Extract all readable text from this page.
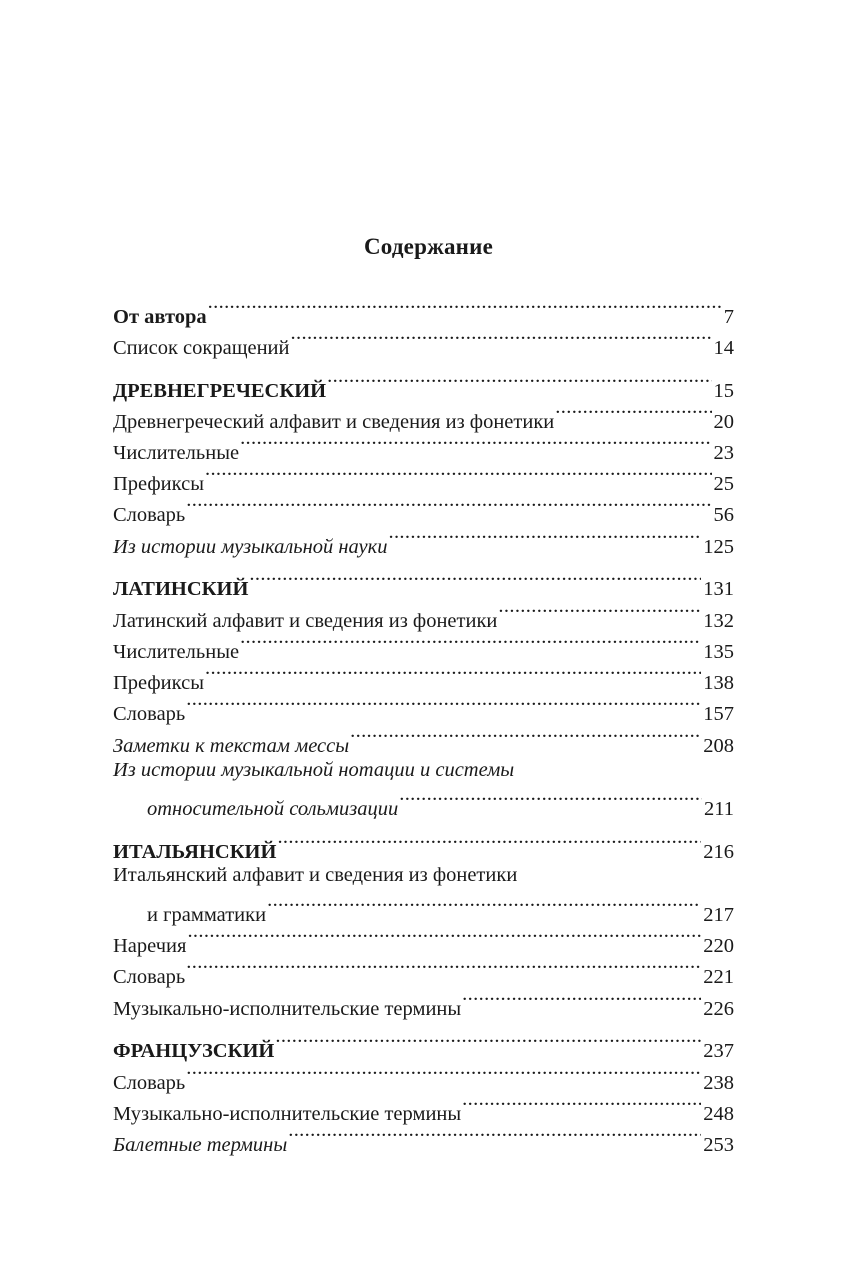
Содержание
От автора .....	7
Список сокращений .....	14
ДРЕВНЕГРЕЧЕСКИЙ .....	15
Древнегреческий алфавит и сведения из фонетики .....	20
Числительные .....	23
Префиксы .....	25
Словарь .....	56
Из истории музыкальной науки .....	125
ЛАТИНСКИЙ .....	131
Латинский алфавит и сведения из фонетики .....	132
Числительные .....	135
Префиксы .....	138
Словарь .....	157
Заметки к текстам мессы .....	208
Из истории музыкальной нотации и системы
относительной сольмизации .....	211
ИТАЛЬЯНСКИЙ .....	216
Итальянский алфавит и сведения из фонетики
и грамматики .....	217
Наречия .....	220
Словарь .....	221
Музыкально-исполнительские термины .....	226
ФРАНЦУЗСКИЙ .....	237
Словарь .....	238
Музыкально-исполнительские термины .....	248
Балетные термины .....	253
